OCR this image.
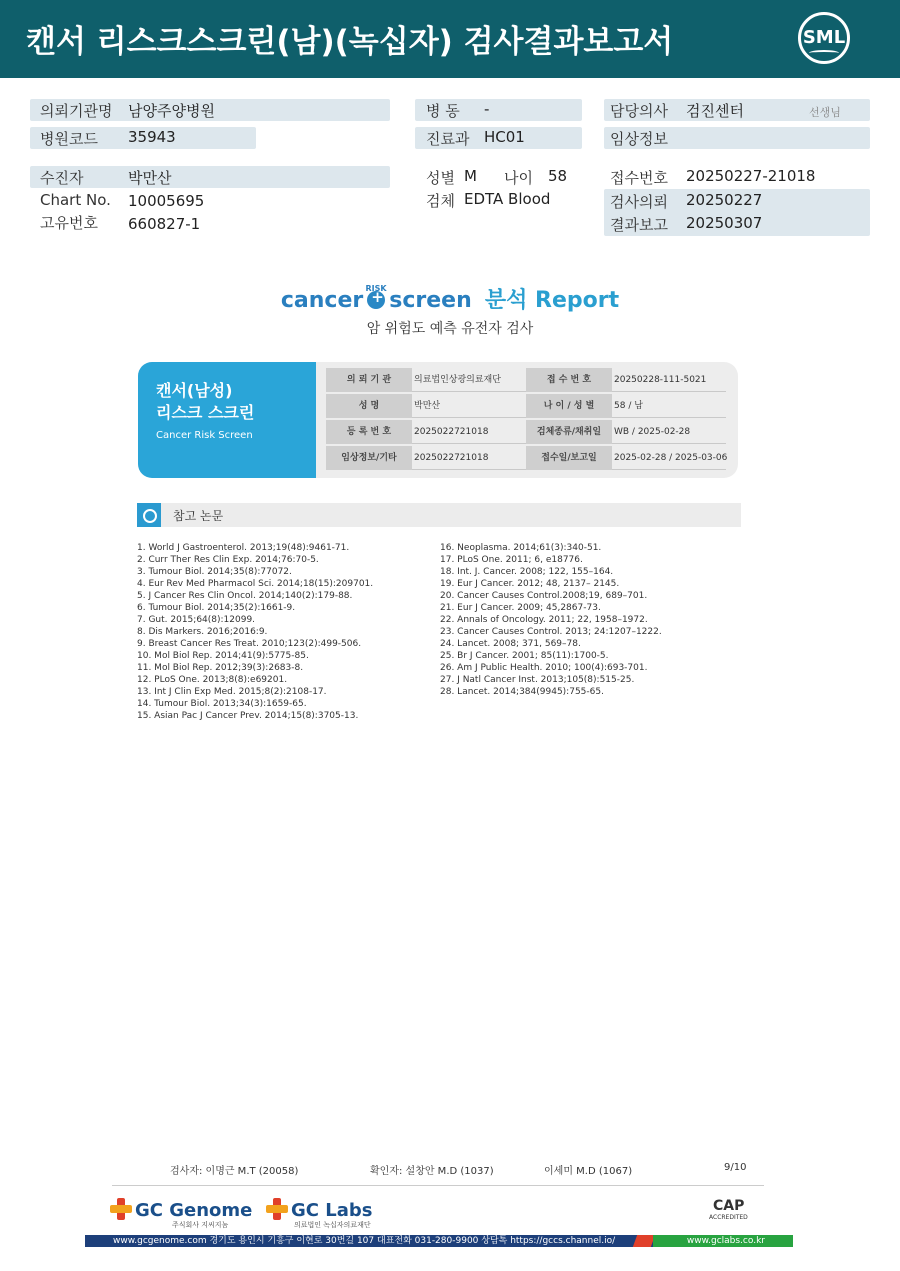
캔서 리스크스크린(남)(녹십자) 검사결과보고서	SML
의뢰기관명 남양주양병원
병원코드 35943
수진자	박만산
Chart No. 10005695
고유번호 660827-1
병 동 -
진료과 HC01
성별 M 나이 58
검체 EDTA Blood
담당의사 검진센터	선생님
임상정보
접수번호 20250227-21018
검사의뢰 20250227
결과보고 20250307
cancer+ screen 분석 Report
RISK
암 위험도 예측 유전자 검사
캔서(남성)
리스크 스크린
Cancer Risk Screen
의 뢰 기 관	의료법인상광의료재단	접 수 번 호	20250228-111-5021
성 명	박만산	나 이 / 성 별	58 / 남
등 록 번 호	2025022721018	검체종류/채취일	WB / 2025-02-28
임상정보/기타	2025022721018	접수일/보고일	2025-02-28 / 2025-03-06
참고 논문
1. World J Gastroenterol. 2013;19(48):9461-71.
2. Curr Ther Res Clin Exp. 2014;76:70-5.
3. Tumour Biol. 2014;35(8):77072.
4. Eur Rev Med Pharmacol Sci. 2014;18(15):209701.
5. J Cancer Res Clin Oncol. 2014;140(2):179-88.
6. Tumour Biol. 2014;35(2):1661-9.
7. Gut. 2015;64(8):12099.
8. Dis Markers. 2016;2016:9.
9. Breast Cancer Res Treat. 2010;123(2):499-506.
10. Mol Biol Rep. 2014;41(9):5775-85.
11. Mol Biol Rep. 2012;39(3):2683-8.
12. PLoS One. 2013;8(8):e69201.
13. Int J Clin Exp Med. 2015;8(2):2108-17.
14. Tumour Biol. 2013;34(3):1659-65.
15. Asian Pac J Cancer Prev. 2014;15(8):3705-13.
16. Neoplasma. 2014;61(3):340-51.
17. PLoS One. 2011; 6, e18776.
18. Int. J. Cancer. 2008; 122, 155–164.
19. Eur J Cancer. 2012; 48, 2137– 2145.
20. Cancer Causes Control.2008;19, 689–701.
21. Eur J Cancer. 2009; 45,2867-73.
22. Annals of Oncology. 2011; 22, 1958–1972.
23. Cancer Causes Control. 2013; 24:1207–1222.
24. Lancet. 2008; 371, 569–78.
25. Br J Cancer. 2001; 85(11):1700-5.
26. Am J Public Health. 2010; 100(4):693-701.
27. J Natl Cancer Inst. 2013;105(8):515-25.
28. Lancet. 2014;384(9945):755-65.
검사자: 이명근 M.T (20058)	확인자: 설창안 M.D (1037)	이세미 M.D (1067)	9/10
GC Genome
주식회사 지씨지놈
GC Labs
의료법인 녹십자의료재단
CAP
ACCREDITED
www.gcgenome.com 경기도 용인시 기흥구 이현로 30번길 107 대표전화 031-280-9900 상담톡 https://gccs.channel.io/	www.gclabs.co.kr
